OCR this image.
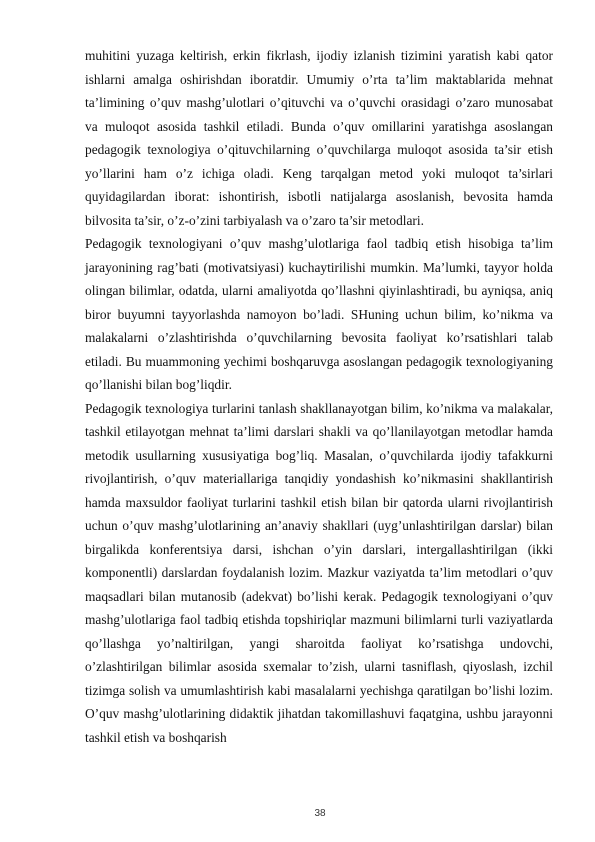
muhitini yuzaga keltirish, erkin fikrlash, ijodiy izlanish tizimini yaratish kabi qator ishlarni amalga oshirishdan iboratdir. Umumiy o’rta ta’lim maktablarida mehnat ta’limining o’quv mashg’ulotlari o’qituvchi va o’quvchi orasidagi o’zaro munosabat va muloqot asosida tashkil etiladi. Bunda o’quv omillarini yaratishga asoslangan pedagogik texnologiya o’qituvchilarning o’quvchilarga muloqot asosida ta’sir etish yo’llarini ham o’z ichiga oladi. Keng tarqalgan metod yoki muloqot ta’sirlari quyidagilardan iborat: ishontirish, isbotli natijalarga asoslanish, bevosita hamda bilvosita ta’sir, o’z-o’zini tarbiyalash va o’zaro ta’sir metodlari.

Pedagogik texnologiyani o’quv mashg’ulotlariga faol tadbiq etish hisobiga ta’lim jarayonining rag’bati (motivatsiyasi) kuchaytirilishi mumkin. Ma’lumki, tayyor holda olingan bilimlar, odatda, ularni amaliyotda qo’llashni qiyinlashtiradi, bu ayniqsa, aniq biror buyumni tayyorlashda namoyon bo’ladi. SHuning uchun bilim, ko’nikma va malakalarni o’zlashtirishda o’quvchilarning bevosita faoliyat ko’rsatishlari talab etiladi. Bu muammoning yechimi boshqaruvga asoslangan pedagogik texnologiyaning qo’llanishi bilan bog’liqdir.

Pedagogik texnologiya turlarini tanlash shakllanayotgan bilim, ko’nikma va malakalar, tashkil etilayotgan mehnat ta’limi darslari shakli va qo’llanilayotgan metodlar hamda metodik usullarning xususiyatiga bog’liq. Masalan, o’quvchilarda ijodiy tafakkurni rivojlantirish, o’quv materiallariga tanqidiy yondashish ko’nikmasini shakllantirish hamda maxsuldor faoliyat turlarini tashkil etish bilan bir qatorda ularni rivojlantirish uchun o’quv mashg’ulotlarining an’anaviy shakllari (uyg’unlashtirilgan darslar) bilan birgalikda konferentsiya darsi, ishchan o’yin darslari, intergallashtirilgan (ikki komponentli) darslardan foydalanish lozim. Mazkur vaziyatda ta’lim metodlari o’quv maqsadlari bilan mutanosib (adekvat) bo’lishi kerak. Pedagogik texnologiyani o’quv mashg’ulotlariga faol tadbiq etishda topshiriqlar mazmuni bilimlarni turli vaziyatlarda qo’llashga yo’naltirilgan, yangi sharoitda faoliyat ko’rsatishga undovchi, o’zlashtirilgan bilimlar asosida sxemalar to’zish, ularni tasniflash, qiyoslash, izchil tizimga solish va umumlashtirish kabi masalalarni yechishga qaratilgan bo’lishi lozim. O’quv mashg’ulotlarining didaktik jihatdan takomillashuvi faqatgina, ushbu jarayonni tashkil etish va boshqarish

38
